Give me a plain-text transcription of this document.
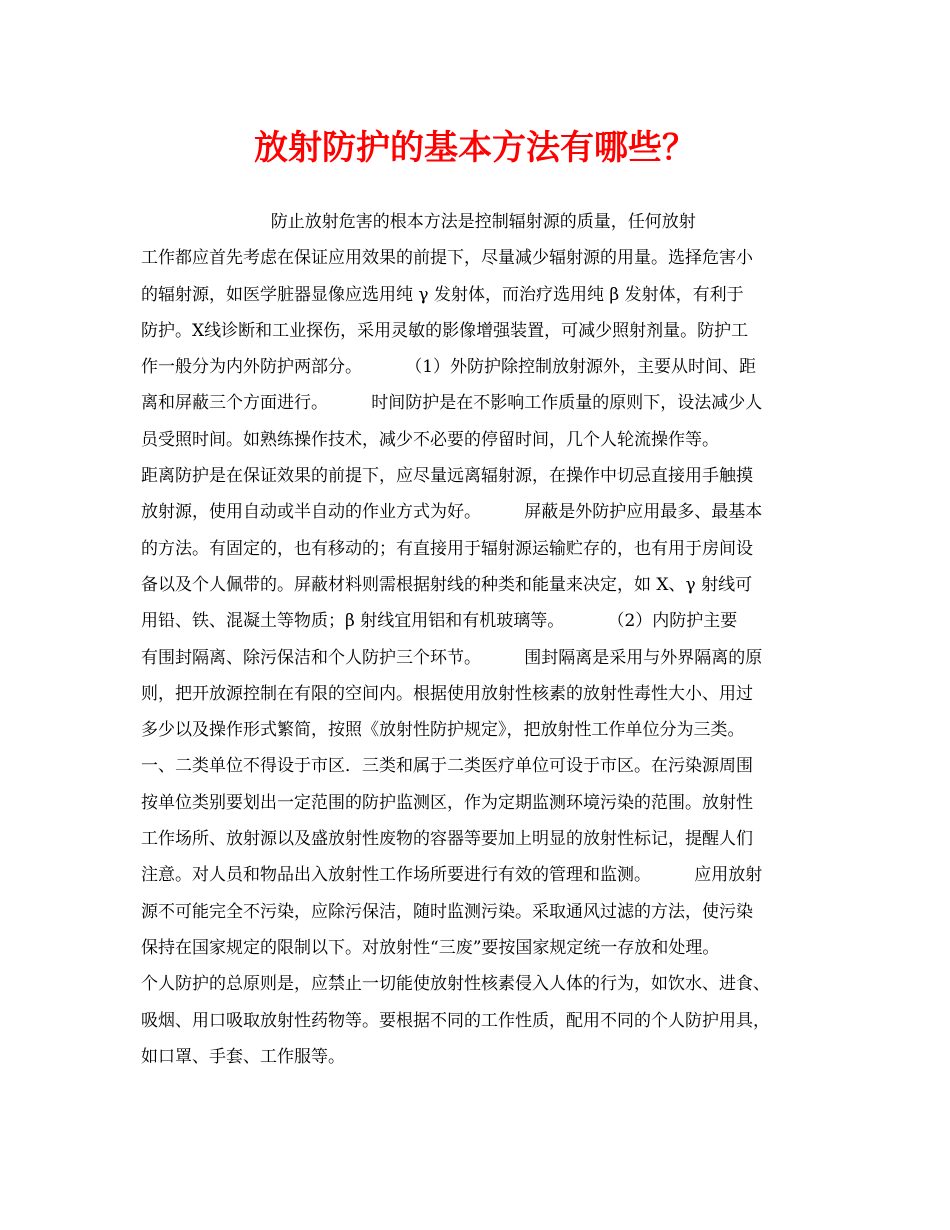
放射防护的基本方法有哪些？
防止放射危害的根本方法是控制辐射源的质量，任何放射
工作都应首先考虑在保证应用效果的前提下，尽量减少辐射源的用量。选择危害小
的辐射源，如医学脏器显像应选用纯 γ 发射体，而治疗选用纯 β 发射体，有利于
防护。X线诊断和工业探伤，采用灵敏的影像增强装置，可减少照射剂量。防护工
作一般分为内外防护两部分。        （1）外防护除控制放射源外，主要从时间、距
离和屏蔽三个方面进行。        时间防护是在不影响工作质量的原则下，设法减少人
员受照时间。如熟练操作技术，减少不必要的停留时间，几个人轮流操作等。
距离防护是在保证效果的前提下，应尽量远离辐射源，在操作中切忌直接用手触摸
放射源，使用自动或半自动的作业方式为好。        屏蔽是外防护应用最多、最基本
的方法。有固定的，也有移动的；有直接用于辐射源运输贮存的，也有用于房间设
备以及个人佩带的。屏蔽材料则需根据射线的种类和能量来决定，如 X、γ 射线可
用铅、铁、混凝土等物质；β 射线宜用铝和有机玻璃等。        （2）内防护主要
有围封隔离、除污保洁和个人防护三个环节。        围封隔离是采用与外界隔离的原
则，把开放源控制在有限的空间内。根据使用放射性核素的放射性毒性大小、用过
多少以及操作形式繁简，按照《放射性防护规定》，把放射性工作单位分为三类。
一、二类单位不得设于市区．三类和属于二类医疗单位可设于市区。在污染源周围
按单位类别要划出一定范围的防护监测区，作为定期监测环境污染的范围。放射性
工作场所、放射源以及盛放射性废物的容器等要加上明显的放射性标记，提醒人们
注意。对人员和物品出入放射性工作场所要进行有效的管理和监测。        应用放射
源不可能完全不污染，应除污保洁，随时监测污染。采取通风过滤的方法，使污染
保持在国家规定的限制以下。对放射性“三废”要按国家规定统一存放和处理。
个人防护的总原则是，应禁止一切能使放射性核素侵入人体的行为，如饮水、进食、
吸烟、用口吸取放射性药物等。要根据不同的工作性质，配用不同的个人防护用具，
如口罩、手套、工作服等。
